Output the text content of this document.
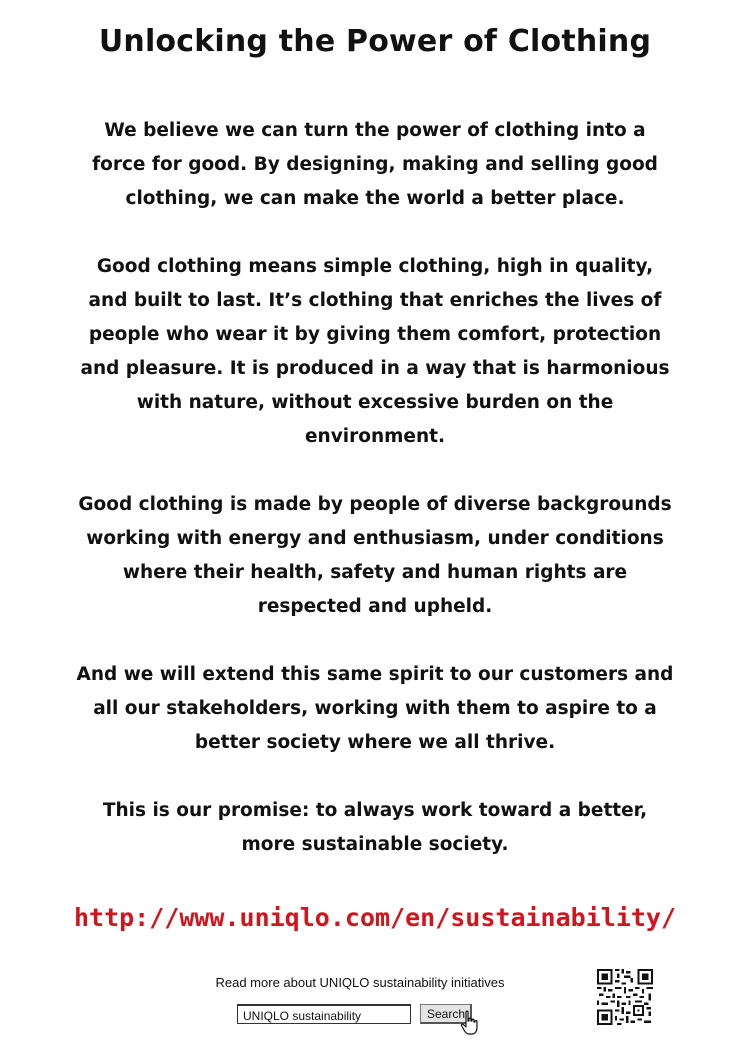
Unlocking the Power of Clothing

We believe we can turn the power of clothing into a force for good. By designing, making and selling good clothing, we can make the world a better place.

Good clothing means simple clothing, high in quality, and built to last. It’s clothing that enriches the lives of people who wear it by giving them comfort, protection and pleasure. It is produced in a way that is harmonious with nature, without excessive burden on the environment.

Good clothing is made by people of diverse backgrounds working with energy and enthusiasm, under conditions where their health, safety and human rights are respected and upheld.

And we will extend this same spirit to our customers and all our stakeholders, working with them to aspire to a better society where we all thrive.

This is our promise: to always work toward a better, more sustainable society.

http://www.uniqlo.com/en/sustainability/
Read more about UNIQLO sustainability initiatives
UNIQLO sustainability
Search
